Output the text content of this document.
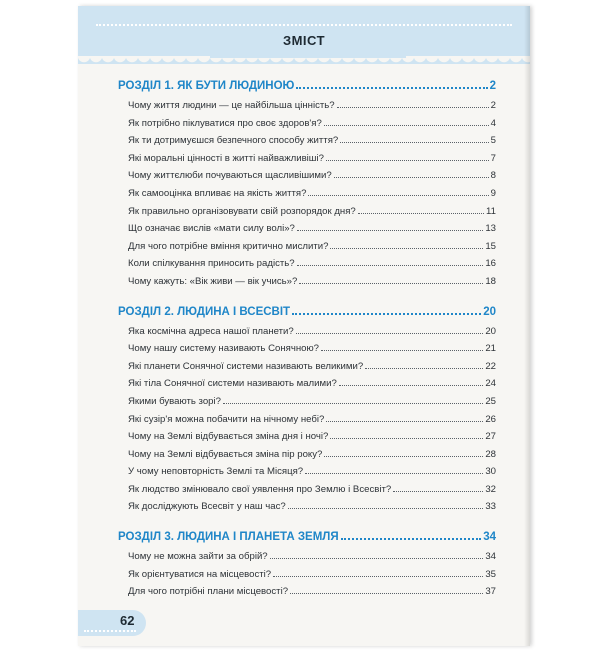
ЗМІСТ
РОЗДІЛ 1. ЯК БУТИ ЛЮДИНОЮ	2
Чому життя людини — це найбільша цінність?	2
Як потрібно піклуватися про своє здоров'я?	4
Як ти дотримуєшся безпечного способу життя?	5
Які моральні цінності в житті найважливіші?	7
Чому життєлюби почуваються щасливішими?	8
Як самооцінка впливає на якість життя?	9
Як правильно організовувати свій розпорядок дня?	11
Що означає вислів «мати силу волі»?	13
Для чого потрібне вміння критично мислити?	15
Коли спілкування приносить радість?	16
Чому кажуть: «Вік живи — вік учись»?	18
РОЗДІЛ 2. ЛЮДИНА І ВСЕСВІТ	20
Яка космічна адреса нашої планети?	20
Чому нашу систему називають Сонячною?	21
Які планети Сонячної системи називають великими?	22
Які тіла Сонячної системи називають малими?	24
Якими бувають зорі?	25
Які сузір'я можна побачити на нічному небі?	26
Чому на Землі відбувається зміна дня і ночі?	27
Чому на Землі відбувається зміна пір року?	28
У чому неповторність Землі та Місяця?	30
Як людство змінювало свої уявлення про Землю і Всесвіт?	32
Як досліджують Всесвіт у наш час?	33
РОЗДІЛ 3. ЛЮДИНА І ПЛАНЕТА ЗЕМЛЯ	34
Чому не можна зайти за обрій?	34
Як орієнтуватися на місцевості?	35
Для чого потрібні плани місцевості?	37
62
